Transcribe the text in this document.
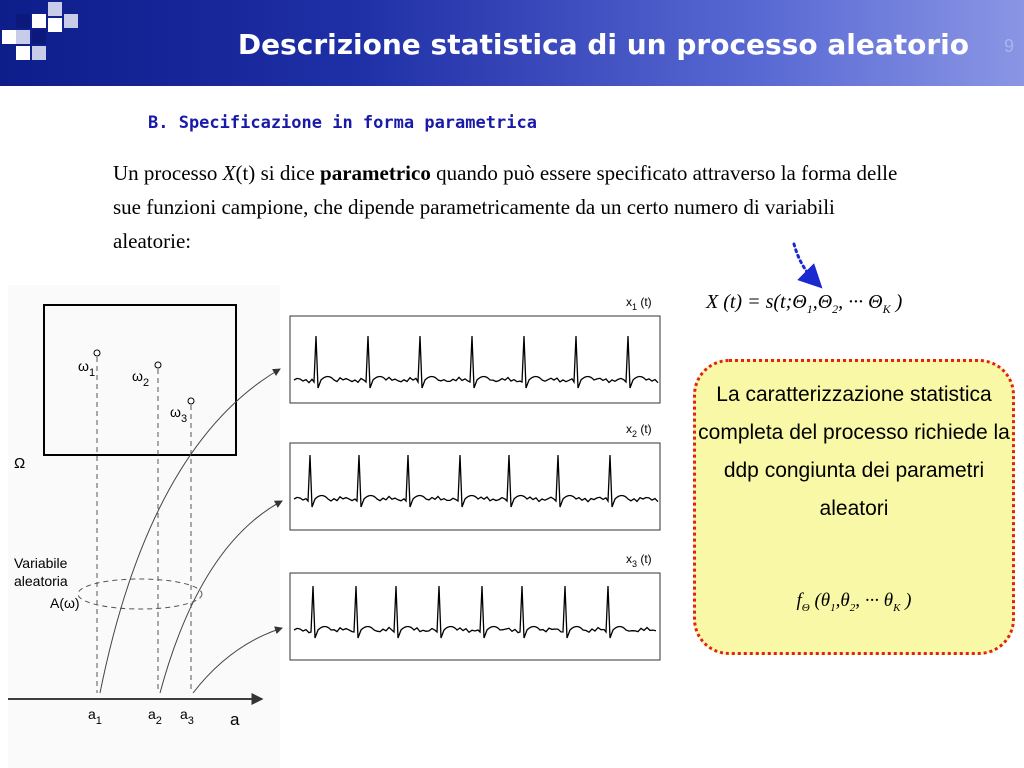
Descrizione statistica di un processo aleatorio 9
B. Specificazione in forma parametrica
Un processo X(t) si dice parametrico quando può essere specificato attraverso la forma delle sue funzioni campione, che dipende parametricamente da un certo numero di variabili aleatorie:
X $(t) = s(t;\Theta_1,\Theta_2$, ··· $\Theta_K$ )
La caratterizzazione statistica completa del processo richiede la ddp congiunta dei parametri aleatori
$f_\Theta$ ($\theta_1,\theta_2$, ··· $\theta_K$ )
Ω
$\omega_1$	$\omega_2$
$\omega_3$
Variabile aleatoria A(ω)
a
$a_1$	$a_2$ $a_3$
$x_1$ (t)
$x_2$ (t)
$x_3$ (t)
